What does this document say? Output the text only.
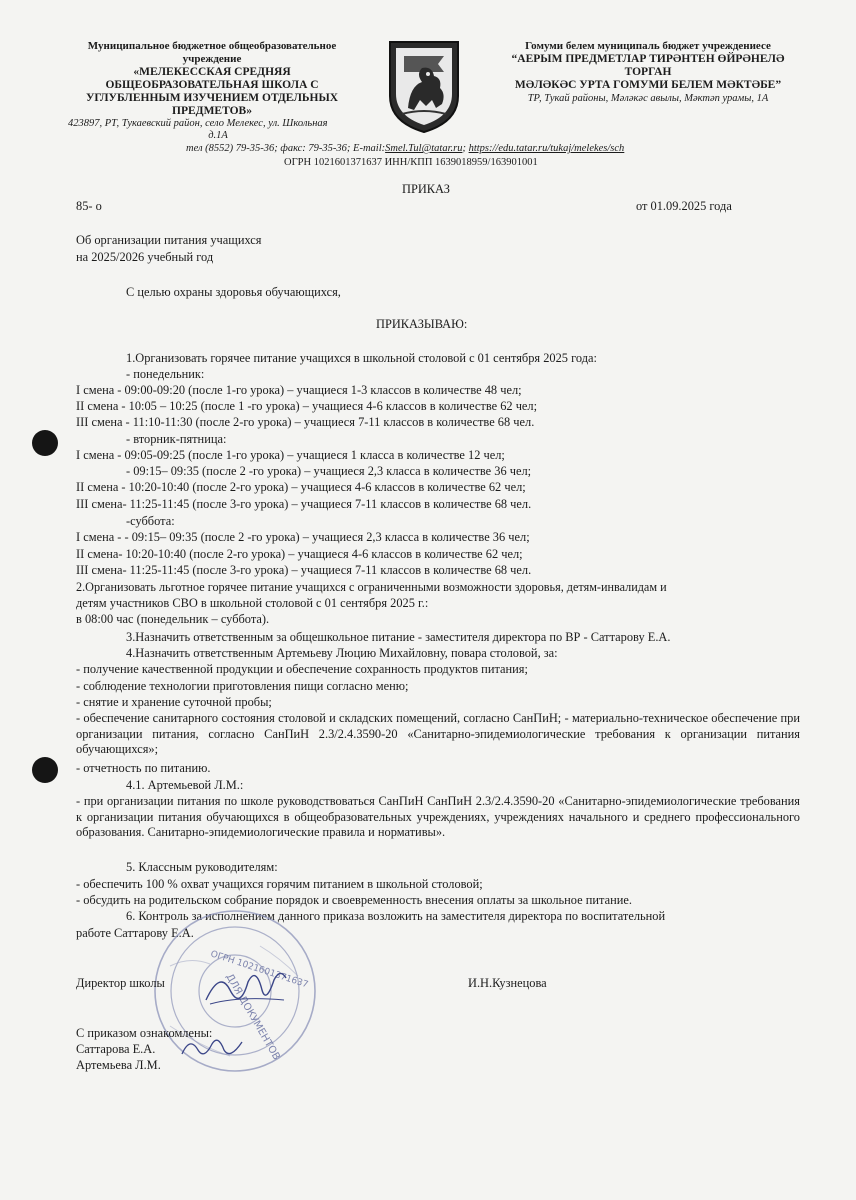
Муниципальное бюджетное общеобразовательное
учреждение
«МЕЛЕКЕССКАЯ СРЕДНЯЯ
ОБЩЕОБРАЗОВАТЕЛЬНАЯ ШКОЛА С
УГЛУБЛЕННЫМ ИЗУЧЕНИЕМ ОТДЕЛЬНЫХ
ПРЕДМЕТОВ»
423897, РТ, Тукаевский район, село Мелекес, ул. Школьная
д.1А
Гомуми белем муниципаль бюджет учреждениесе
“АЕРЫМ ПРЕДМЕТЛАР ТИРӘНТЕН ӨЙРӘНЕЛӘ ТОРГАН
МӘЛӘКӘС УРТА ГОМУМИ БЕЛЕМ МӘКТӘБЕ”
ТР, Тукай районы, Мәләкәс авылы, Мәктәп урамы, 1А
тел (8552) 79-35-36; факс: 79-35-36; E-mail:Smel.Tul@tatar.ru; https://edu.tatar.ru/tukaj/melekes/sch
ОГРН 1021601371637 ИНН/КПП 1639018959/163901001
ПРИКАЗ
85- о	от 01.09.2025 года
Об организации питания учащихся
на 2025/2026 учебный год
С целью охраны здоровья обучающихся,
ПРИКАЗЫВАЮ:
1.Организовать горячее питание учащихся в школьной столовой с 01 сентября 2025 года:
- понедельник:
I смена - 09:00-09:20 (после 1-го урока) – учащиеся 1-3 классов в количестве 48 чел;
II смена - 10:05 – 10:25 (после 1 -го урока) – учащиеся 4-6 классов в количестве 62 чел;
III смена - 11:10-11:30 (после 2-го урока) – учащиеся 7-11 классов в количестве 68 чел.
- вторник-пятница:
I смена - 09:05-09:25 (после 1-го урока) – учащиеся 1 класса в количестве 12 чел;
- 09:15– 09:35 (после 2 -го урока) – учащиеся 2,3 класса в количестве 36 чел;
II смена - 10:20-10:40 (после 2-го урока) – учащиеся 4-6 классов в количестве 62 чел;
III смена- 11:25-11:45 (после 3-го урока) – учащиеся 7-11 классов в количестве 68 чел.
-суббота:
I смена - - 09:15– 09:35 (после 2 -го урока) – учащиеся 2,3 класса в количестве 36 чел;
II смена- 10:20-10:40 (после 2-го урока) – учащиеся 4-6 классов в количестве 62 чел;
III смена- 11:25-11:45 (после 3-го урока) – учащиеся 7-11 классов в количестве 68 чел.
2.Организовать льготное горячее питание учащихся с ограниченными возможности здоровья, детям-инвалидам и
детям участников СВО в школьной столовой с 01 сентября 2025 г.:
в 08:00 час (понедельник – суббота).
3.Назначить ответственным за общешкольное питание - заместителя директора по ВР - Саттарову Е.А.
4.Назначить ответственным Артемьеву Люцию Михайловну, повара столовой, за:
- получение качественной продукции и обеспечение сохранность продуктов питания;
- соблюдение технологии приготовления пищи согласно меню;
- снятие и хранение суточной пробы;
- обеспечение санитарного состояния столовой и складских помещений, согласно СанПиН; - материально-техническое обеспечение при организации питания, согласно СанПиН 2.3/2.4.3590-20 «Санитарно-эпидемиологические требования к организации питания обучающихся»;
- отчетность по питанию.
4.1. Артемьевой Л.М.:
- при организации питания по школе руководствоваться СанПиН СанПиН 2.3/2.4.3590-20 «Санитарно-эпидемиологические требования к организации питания обучающихся в общеобразовательных учреждениях, учреждениях начального и среднего профессионального образования. Санитарно-эпидемиологические правила и нормативы».
5. Классным руководителям:
- обеспечить 100 % охват учащихся горячим питанием в школьной столовой;
- обсудить на родительском собрание порядок и своевременность внесения оплаты за школьное питание.
6. Контроль за исполнением данного приказа возложить на заместителя директора по воспитательной
работе Саттарову Е.А.
ОГРН 1021601371637
ДЛЯ ДОКУМЕНТОВ
Директор школы	И.Н.Кузнецова
С приказом ознакомлены:
Саттарова Е.А.
Артемьева Л.М.
